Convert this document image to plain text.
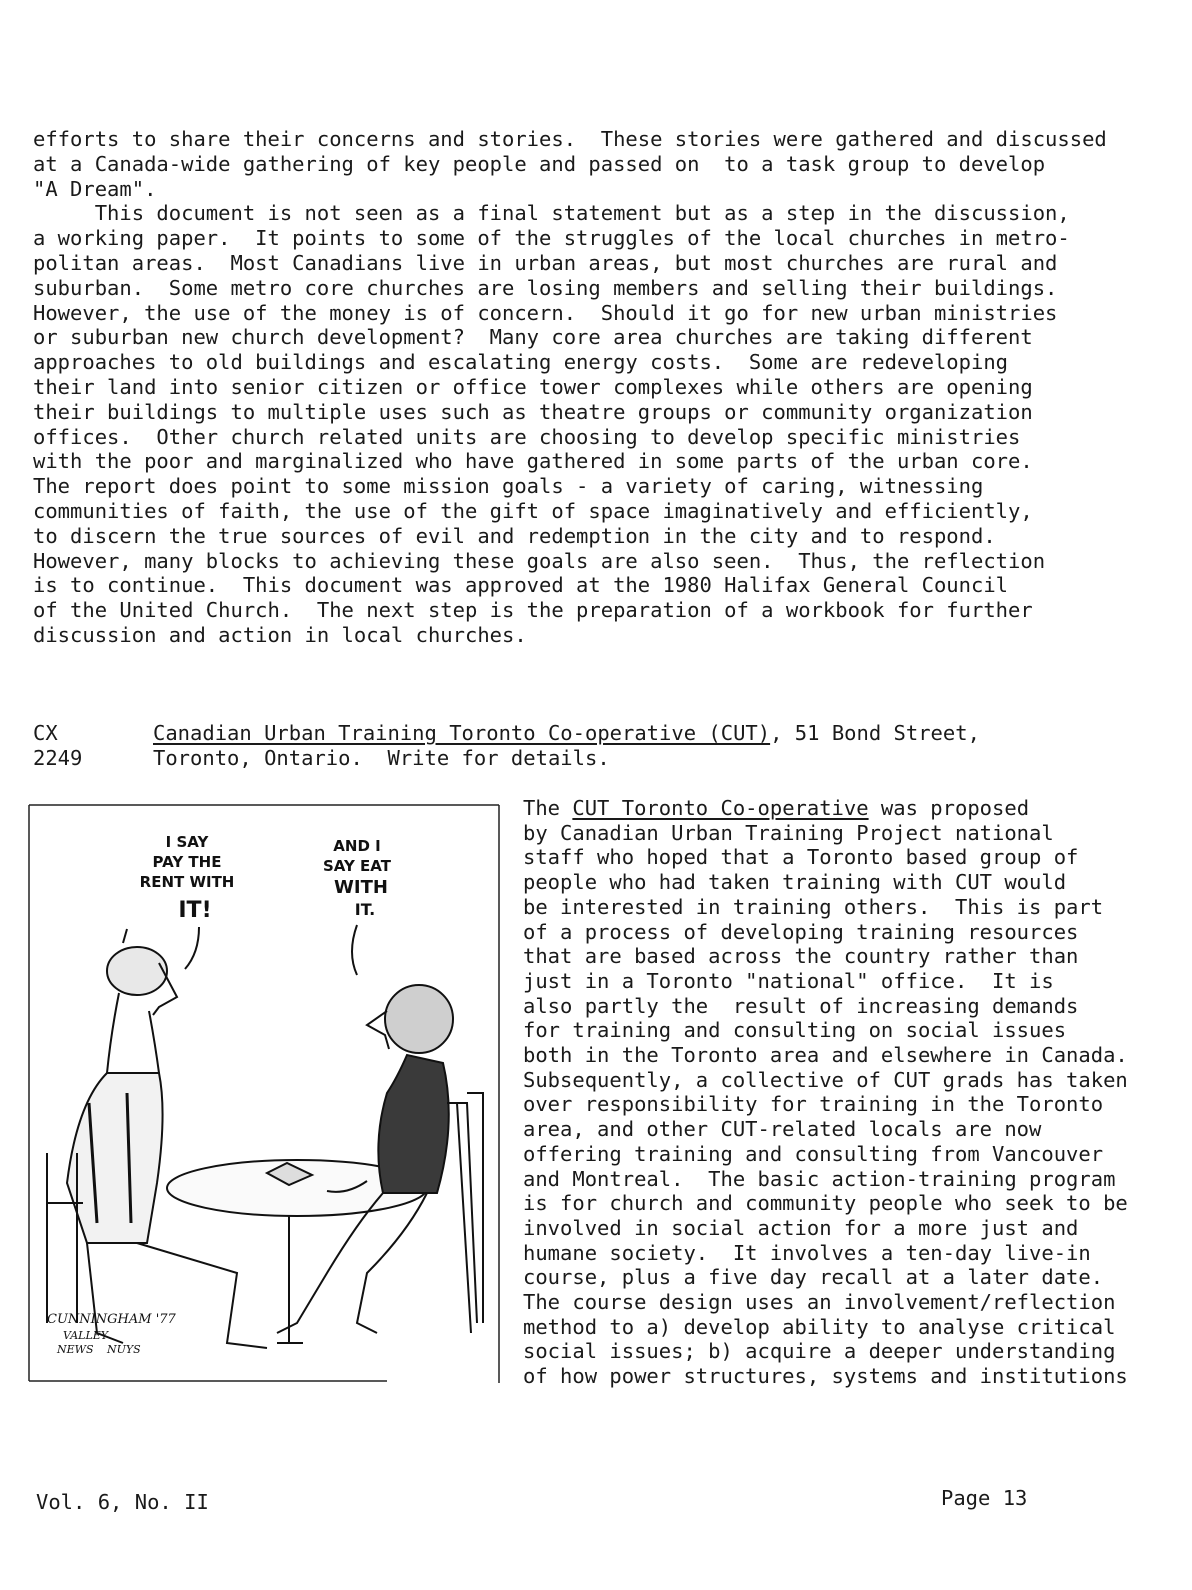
efforts to share their concerns and stories.  These stories were gathered and discussed
at a Canada-wide gathering of key people and passed on  to a task group to develop
"A Dream".
This document is not seen as a final statement but as a step in the discussion,
a working paper.  It points to some of the struggles of the local churches in metro-
politan areas.  Most Canadians live in urban areas, but most churches are rural and
suburban.  Some metro core churches are losing members and selling their buildings.
However, the use of the money is of concern.  Should it go for new urban ministries
or suburban new church development?  Many core area churches are taking different
approaches to old buildings and escalating energy costs.  Some are redeveloping
their land into senior citizen or office tower complexes while others are opening
their buildings to multiple uses such as theatre groups or community organization
offices.  Other church related units are choosing to develop specific ministries
with the poor and marginalized who have gathered in some parts of the urban core.
The report does point to some mission goals - a variety of caring, witnessing
communities of faith, the use of the gift of space imaginatively and efficiently,
to discern the true sources of evil and redemption in the city and to respond.
However, many blocks to achieving these goals are also seen.  Thus, the reflection
is to continue.  This document was approved at the 1980 Halifax General Council
of the United Church.  The next step is the preparation of a workbook for further
discussion and action in local churches.
CX
2249
Canadian Urban Training Toronto Co-operative (CUT), 51 Bond Street,
Toronto, Ontario.  Write for details.
I SAY
PAY THE
RENT WITH
IT!
AND I
SAY EAT
WITH
IT.
CUNNINGHAM '77
VALLEY
NEWS NUYS
The CUT Toronto Co-operative was proposed
by Canadian Urban Training Project national
staff who hoped that a Toronto based group of
people who had taken training with CUT would
be interested in training others.  This is part
of a process of developing training resources
that are based across the country rather than
just in a Toronto "national" office.  It is
also partly the  result of increasing demands
for training and consulting on social issues
both in the Toronto area and elsewhere in Canada.
Subsequently, a collective of CUT grads has taken
over responsibility for training in the Toronto
area, and other CUT-related locals are now
offering training and consulting from Vancouver
and Montreal.  The basic action-training program
is for church and community people who seek to be
involved in social action for a more just and
humane society.  It involves a ten-day live-in
course, plus a five day recall at a later date.
The course design uses an involvement/reflection
method to a) develop ability to analyse critical
social issues; b) acquire a deeper understanding
of how power structures, systems and institutions
Vol. 6, No. II	Page 13
